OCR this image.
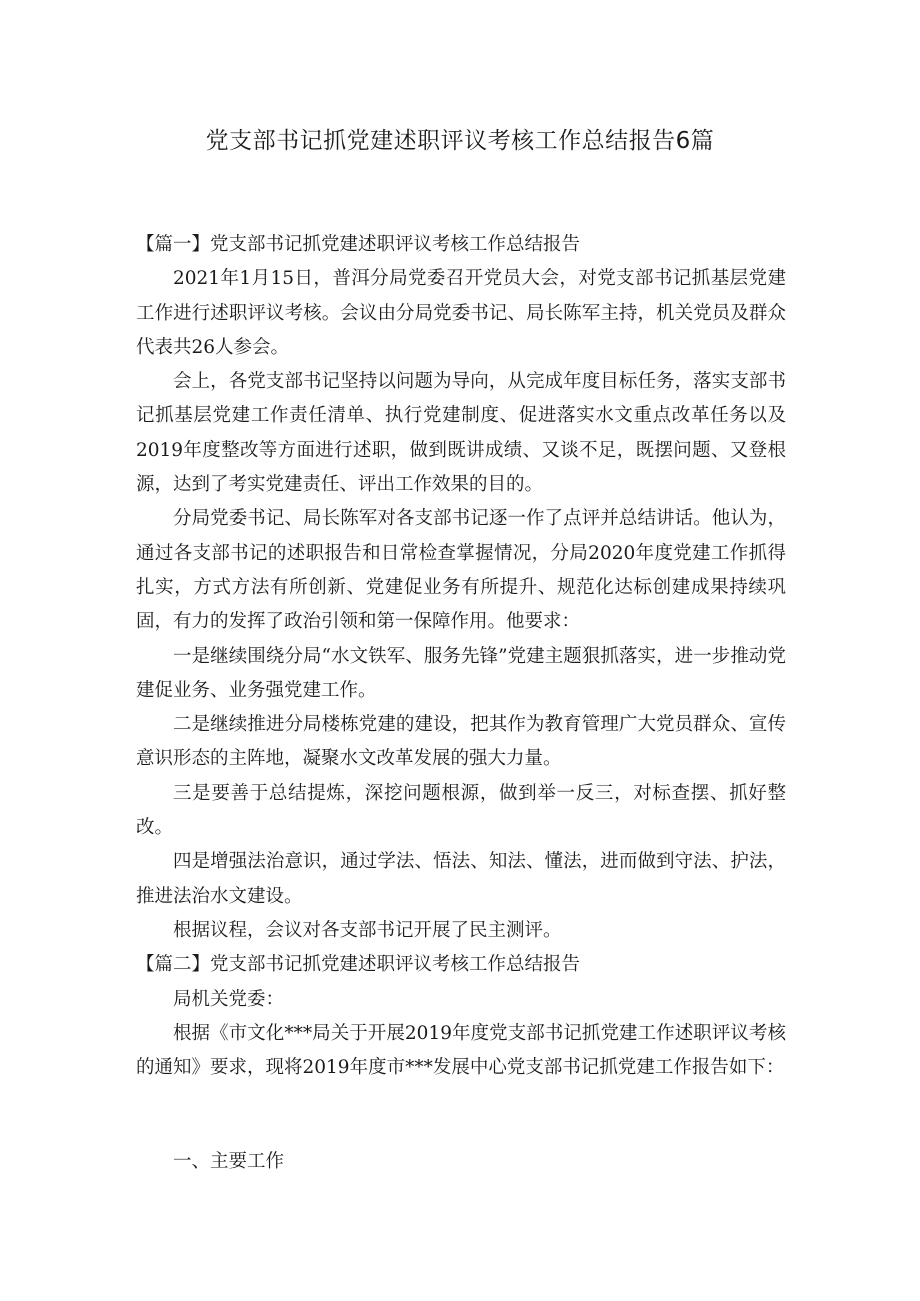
党支部书记抓党建述职评议考核工作总结报告6篇

【篇一】党支部书记抓党建述职评议考核工作总结报告

2021年1月15日，普洱分局党委召开党员大会，对党支部书记抓基层党建工作进行述职评议考核。会议由分局党委书记、局长陈军主持，机关党员及群众代表共26人参会。

会上，各党支部书记坚持以问题为导向，从完成年度目标任务，落实支部书记抓基层党建工作责任清单、执行党建制度、促进落实水文重点改革任务以及2019年度整改等方面进行述职，做到既讲成绩、又谈不足，既摆问题、又登根源，达到了考实党建责任、评出工作效果的目的。

分局党委书记、局长陈军对各支部书记逐一作了点评并总结讲话。他认为，通过各支部书记的述职报告和日常检查掌握情况，分局2020年度党建工作抓得扎实，方式方法有所创新、党建促业务有所提升、规范化达标创建成果持续巩固，有力的发挥了政治引领和第一保障作用。他要求：

一是继续围绕分局“水文铁军、服务先锋”党建主题狠抓落实，进一步推动党建促业务、业务强党建工作。

二是继续推进分局楼栋党建的建设，把其作为教育管理广大党员群众、宣传意识形态的主阵地，凝聚水文改革发展的强大力量。

三是要善于总结提炼，深挖问题根源，做到举一反三，对标查摆、抓好整改。

四是增强法治意识，通过学法、悟法、知法、懂法，进而做到守法、护法，推进法治水文建设。

根据议程，会议对各支部书记开展了民主测评。

【篇二】党支部书记抓党建述职评议考核工作总结报告

局机关党委：

根据《市文化***局关于开展2019年度党支部书记抓党建工作述职评议考核的通知》要求，现将2019年度市***发展中心党支部书记抓党建工作报告如下：

一、主要工作
